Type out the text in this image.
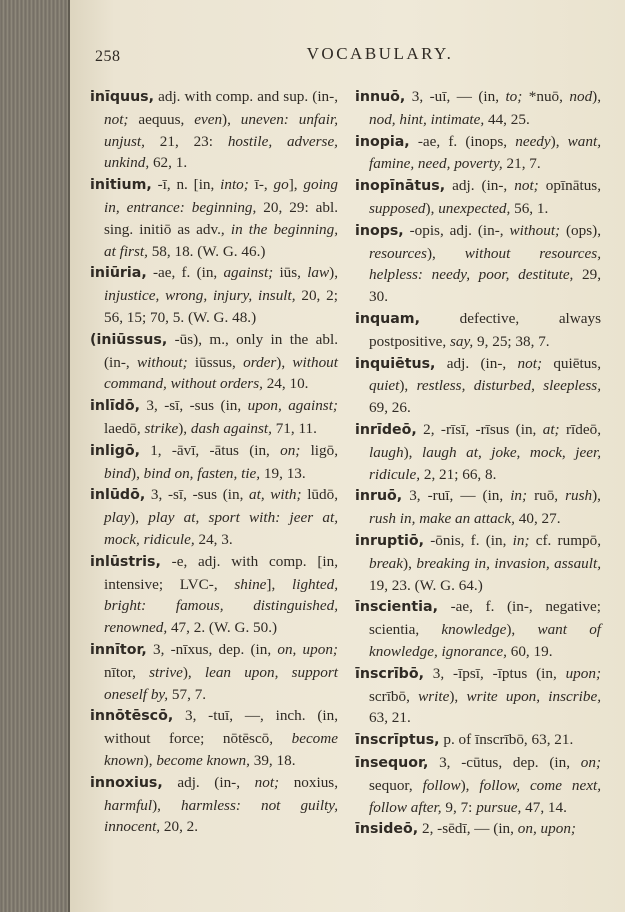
258	VOCABULARY.
inīquus, adj. with comp. and sup. (in-, not; aequus, even), uneven: unfair, unjust, 21, 23: hostile, adverse, unkind, 62, 1.
initium, -ī, n. [in, into; ī-, go], going in, entrance: beginning, 20, 29: abl. sing. initiō as adv., in the beginning, at first, 58, 18. (W. G. 46.)
iniūria, -ae, f. (in, against; iūs, law), injustice, wrong, injury, insult, 20, 2; 56, 15; 70, 5. (W. G. 48.)
(iniūssus, -ūs), m., only in the abl. (in-, without; iūssus, order), without command, without orders, 24, 10.
inlīdō, 3, -sī, -sus (in, upon, against; laedō, strike), dash against, 71, 11.
inligō, 1, -āvī, -ātus (in, on; ligō, bind), bind on, fasten, tie, 19, 13.
inlūdō, 3, -sī, -sus (in, at, with; lūdō, play), play at, sport with: jeer at, mock, ridicule, 24, 3.
inlūstris, -e, adj. with comp. [in, intensive; LVC-, shine], lighted, bright: famous, distinguished, renowned, 47, 2. (W. G. 50.)
innītor, 3, -nīxus, dep. (in, on, upon; nītor, strive), lean upon, support oneself by, 57, 7.
innōtēscō, 3, -tuī, —, inch. (in, without force; nōtēscō, become known), become known, 39, 18.
innoxius, adj. (in-, not; noxius, harmful), harmless: not guilty, innocent, 20, 2.
innuō, 3, -uī, — (in, to; *nuō, nod), nod, hint, intimate, 44, 25.
inopia, -ae, f. (inops, needy), want, famine, need, poverty, 21, 7.
inopīnātus, adj. (in-, not; opīnātus, supposed), unexpected, 56, 1.
inops, -opis, adj. (in-, without; (ops), resources), without resources, helpless: needy, poor, destitute, 29, 30.
inquam, defective, always postpositive, say, 9, 25; 38, 7.
inquiētus, adj. (in-, not; quiētus, quiet), restless, disturbed, sleepless, 69, 26.
inrīdeō, 2, -rīsī, -rīsus (in, at; rīdeō, laugh), laugh at, joke, mock, jeer, ridicule, 2, 21; 66, 8.
inruō, 3, -ruī, — (in, in; ruō, rush), rush in, make an attack, 40, 27.
inruptiō, -ōnis, f. (in, in; cf. rumpō, break), breaking in, invasion, assault, 19, 23. (W. G. 64.)
īnscientia, -ae, f. (in-, negative; scientia, knowledge), want of knowledge, ignorance, 60, 19.
īnscrībō, 3, -īpsī, -īptus (in, upon; scrībō, write), write upon, inscribe, 63, 21.
īnscrīptus, p. of īnscrībō, 63, 21.
īnsequor, 3, -cūtus, dep. (in, on; sequor, follow), follow, come next, follow after, 9, 7: pursue, 47, 14.
īnsideō, 2, -sēdī, — (in, on, upon;
